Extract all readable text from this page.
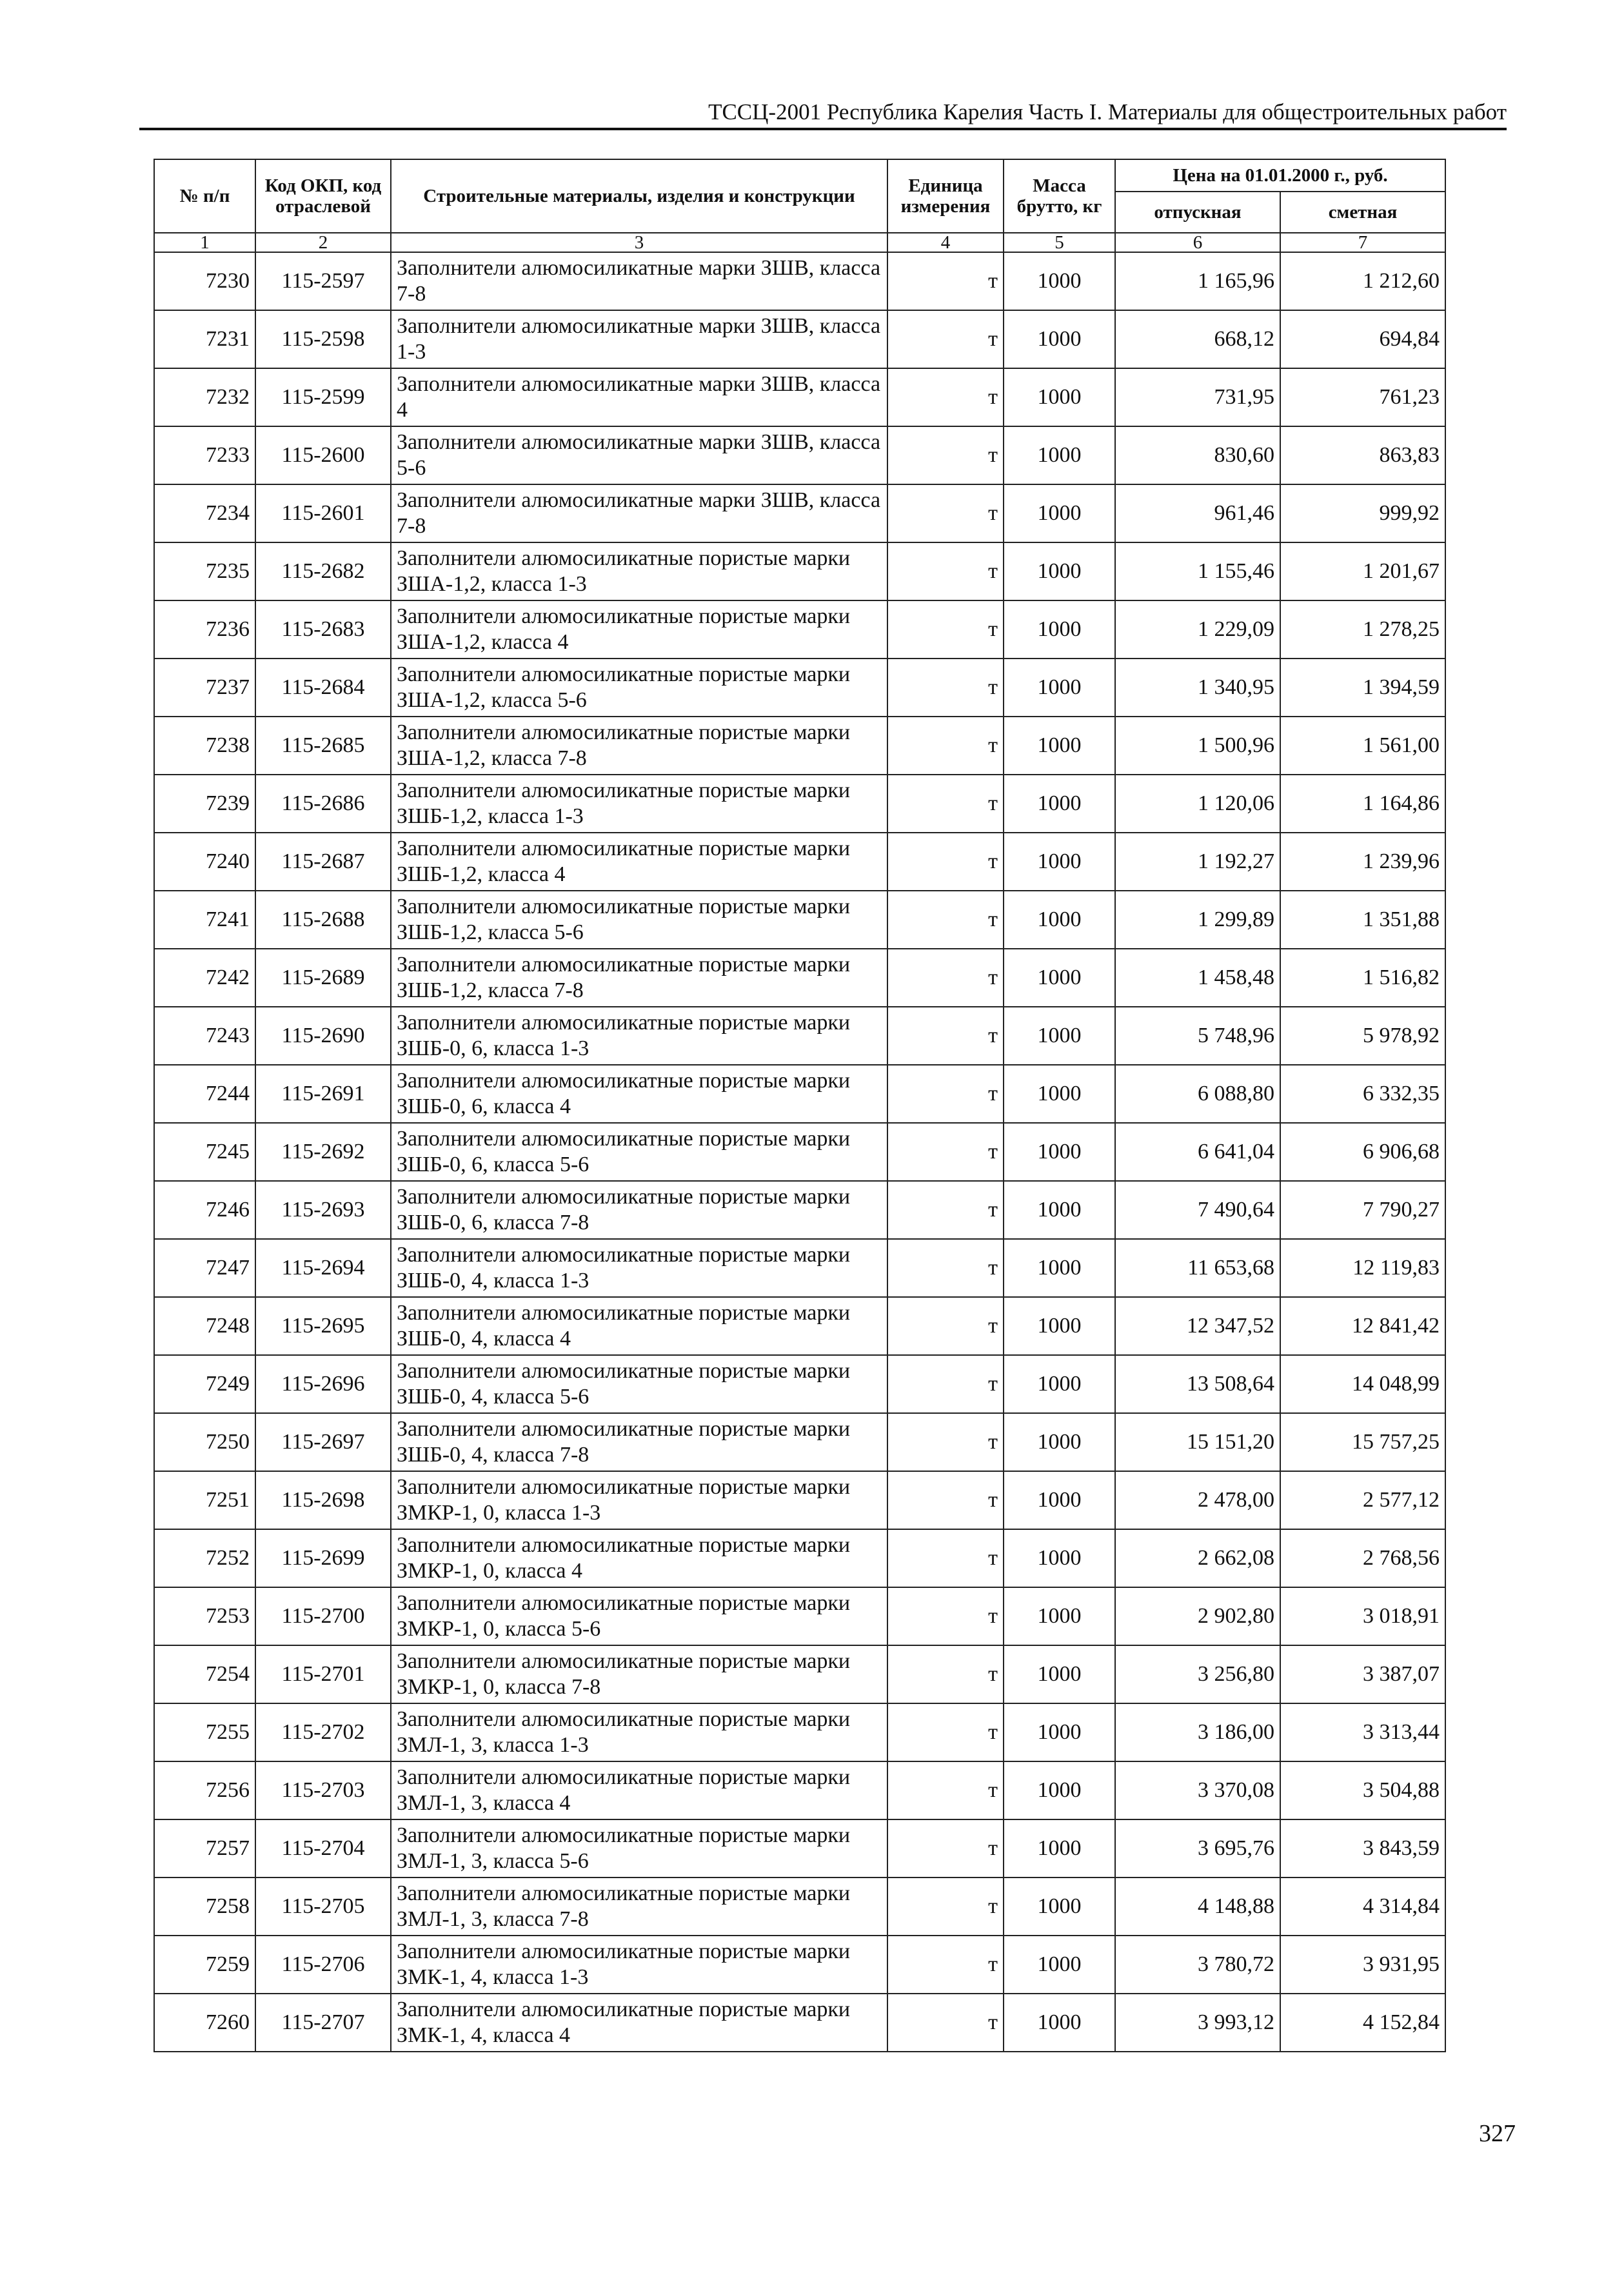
ТССЦ-2001 Республика Карелия Часть I. Материалы для общестроительных работ
№ п/п	Код ОКП, код отраслевой	Строительные материалы, изделия и конструкции	Единица измерения	Масса брутто, кг	Цена на 01.01.2000 г., руб.	
					отпускная	сметная
1	2	3	4	5	6	7
7230	115-2597	Заполнители алюмосиликатные марки ЗШВ, класса 7-8	т	1000	1 165,96	1 212,60
7231	115-2598	Заполнители алюмосиликатные марки ЗШВ, класса 1-3	т	1000	668,12	694,84
7232	115-2599	Заполнители алюмосиликатные марки ЗШВ, класса 4	т	1000	731,95	761,23
7233	115-2600	Заполнители алюмосиликатные марки ЗШВ, класса 5-6	т	1000	830,60	863,83
7234	115-2601	Заполнители алюмосиликатные марки ЗШВ, класса 7-8	т	1000	961,46	999,92
7235	115-2682	Заполнители алюмосиликатные пористые марки ЗША-1,2, класса 1-3	т	1000	1 155,46	1 201,67
7236	115-2683	Заполнители алюмосиликатные пористые марки ЗША-1,2, класса 4	т	1000	1 229,09	1 278,25
7237	115-2684	Заполнители алюмосиликатные пористые марки ЗША-1,2, класса 5-6	т	1000	1 340,95	1 394,59
7238	115-2685	Заполнители алюмосиликатные пористые марки ЗША-1,2, класса 7-8	т	1000	1 500,96	1 561,00
7239	115-2686	Заполнители алюмосиликатные пористые марки ЗШБ-1,2, класса 1-3	т	1000	1 120,06	1 164,86
7240	115-2687	Заполнители алюмосиликатные пористые марки ЗШБ-1,2, класса 4	т	1000	1 192,27	1 239,96
7241	115-2688	Заполнители алюмосиликатные пористые марки ЗШБ-1,2, класса 5-6	т	1000	1 299,89	1 351,88
7242	115-2689	Заполнители алюмосиликатные пористые марки ЗШБ-1,2, класса 7-8	т	1000	1 458,48	1 516,82
7243	115-2690	Заполнители алюмосиликатные пористые марки ЗШБ-0, 6, класса 1-3	т	1000	5 748,96	5 978,92
7244	115-2691	Заполнители алюмосиликатные пористые марки ЗШБ-0, 6, класса 4	т	1000	6 088,80	6 332,35
7245	115-2692	Заполнители алюмосиликатные пористые марки ЗШБ-0, 6, класса 5-6	т	1000	6 641,04	6 906,68
7246	115-2693	Заполнители алюмосиликатные пористые марки ЗШБ-0, 6, класса 7-8	т	1000	7 490,64	7 790,27
7247	115-2694	Заполнители алюмосиликатные пористые марки ЗШБ-0, 4, класса 1-3	т	1000	11 653,68	12 119,83
7248	115-2695	Заполнители алюмосиликатные пористые марки ЗШБ-0, 4, класса 4	т	1000	12 347,52	12 841,42
7249	115-2696	Заполнители алюмосиликатные пористые марки ЗШБ-0, 4, класса 5-6	т	1000	13 508,64	14 048,99
7250	115-2697	Заполнители алюмосиликатные пористые марки ЗШБ-0, 4, класса 7-8	т	1000	15 151,20	15 757,25
7251	115-2698	Заполнители алюмосиликатные пористые марки ЗМКР-1, 0, класса 1-3	т	1000	2 478,00	2 577,12
7252	115-2699	Заполнители алюмосиликатные пористые марки ЗМКР-1, 0, класса 4	т	1000	2 662,08	2 768,56
7253	115-2700	Заполнители алюмосиликатные пористые марки ЗМКР-1, 0, класса 5-6	т	1000	2 902,80	3 018,91
7254	115-2701	Заполнители алюмосиликатные пористые марки ЗМКР-1, 0, класса 7-8	т	1000	3 256,80	3 387,07
7255	115-2702	Заполнители алюмосиликатные пористые марки ЗМЛ-1, 3, класса 1-3	т	1000	3 186,00	3 313,44
7256	115-2703	Заполнители алюмосиликатные пористые марки ЗМЛ-1, 3, класса 4	т	1000	3 370,08	3 504,88
7257	115-2704	Заполнители алюмосиликатные пористые марки ЗМЛ-1, 3, класса 5-6	т	1000	3 695,76	3 843,59
7258	115-2705	Заполнители алюмосиликатные пористые марки ЗМЛ-1, 3, класса 7-8	т	1000	4 148,88	4 314,84
7259	115-2706	Заполнители алюмосиликатные пористые марки ЗМК-1, 4, класса 1-3	т	1000	3 780,72	3 931,95
7260	115-2707	Заполнители алюмосиликатные пористые марки ЗМК-1, 4, класса 4	т	1000	3 993,12	4 152,84
327
